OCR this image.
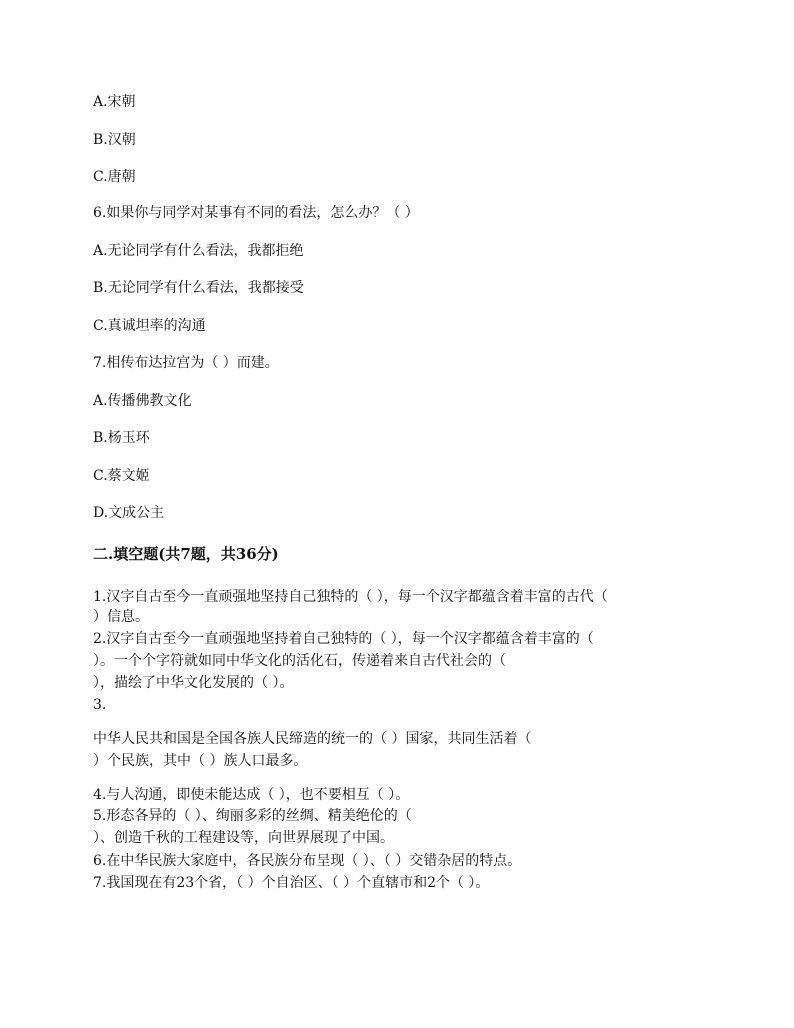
A.宋朝
B.汉朝
C.唐朝
6.如果你与同学对某事有不同的看法，怎么办？（ ）
A.无论同学有什么看法，我都拒绝
B.无论同学有什么看法，我都接受
C.真诚坦率的沟通
7.相传布达拉宫为（ ）而建。
A.传播佛教文化
B.杨玉环
C.蔡文姬
D.文成公主
二.填空题(共7题，共36分)
1.汉字自古至今一直顽强地坚持自己独特的（ ），每一个汉字都蕴含着丰富的古代（
）信息。
2.汉字自古至今一直顽强地坚持着自己独特的（ ），每一个汉字都蕴含着丰富的（
）。一个个字符就如同中华文化的活化石，传递着来自古代社会的（
），描绘了中华文化发展的（ ）。
3.
中华人民共和国是全国各族人民缔造的统一的（ ）国家，共同生活着（
）个民族，其中（ ）族人口最多。
4.与人沟通，即使未能达成（ ），也不要相互（ ）。
5.形态各异的（ ）、绚丽多彩的丝绸、精美绝伦的（
）、创造千秋的工程建设等，向世界展现了中国。
6.在中华民族大家庭中，各民族分布呈现（ ）、（ ）交错杂居的特点。
7.我国现在有23个省，（ ）个自治区、（ ）个直辖市和2个（ ）。
